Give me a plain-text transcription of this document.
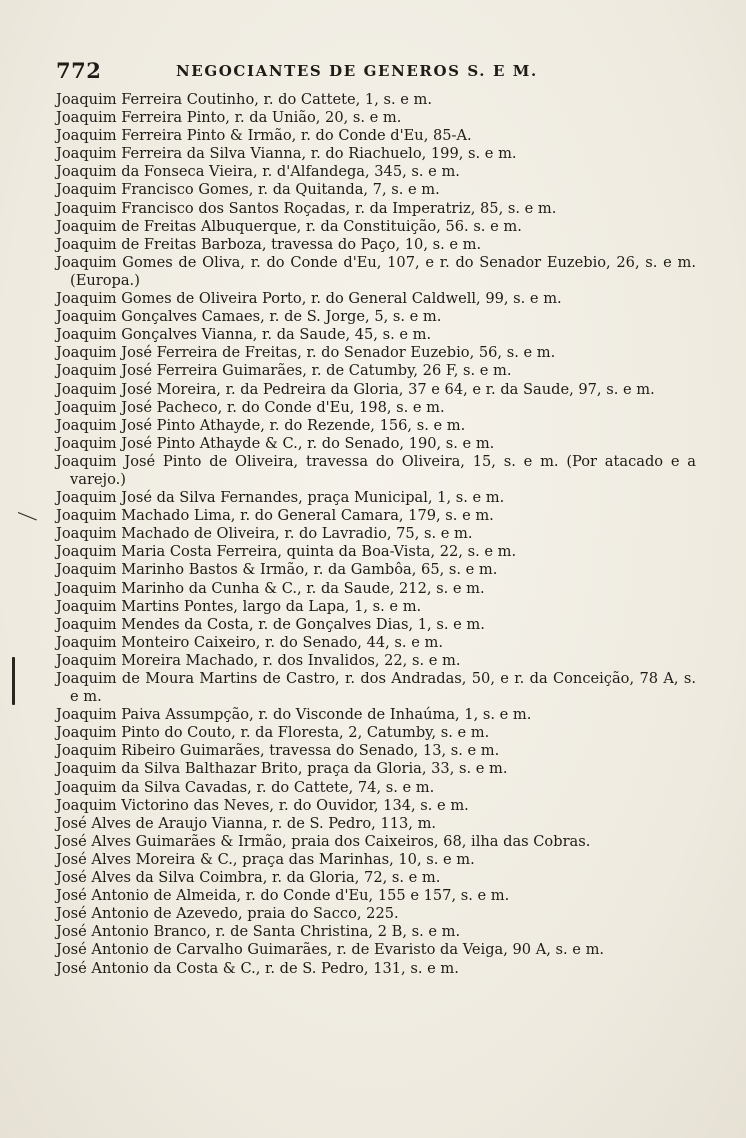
772	NEGOCIANTES DE GENEROS S. E M.
Joaquim Ferreira Coutinho, r. do Cattete, 1, s. e m.
Joaquim Ferreira Pinto, r. da União, 20, s. e m.
Joaquim Ferreira Pinto & Irmão, r. do Conde d'Eu, 85-A.
Joaquim Ferreira da Silva Vianna, r. do Riachuelo, 199, s. e m.
Joaquim da Fonseca Vieira, r. d'Alfandega, 345, s. e m.
Joaquim Francisco Gomes, r. da Quitanda, 7, s. e m.
Joaquim Francisco dos Santos Roçadas, r. da Imperatriz, 85, s. e m.
Joaquim de Freitas Albuquerque, r. da Constituição, 56. s. e m.
Joaquim de Freitas Barboza, travessa do Paço, 10, s. e m.
Joaquim Gomes de Oliva, r. do Conde d'Eu, 107, e r. do Senador Euzebio, 26, s. e m. (Europa.)
Joaquim Gomes de Oliveira Porto, r. do General Caldwell, 99, s. e m.
Joaquim Gonçalves Camaes, r. de S. Jorge, 5, s. e m.
Joaquim Gonçalves Vianna, r. da Saude, 45, s. e m.
Joaquim José Ferreira de Freitas, r. do Senador Euzebio, 56, s. e m.
Joaquim José Ferreira Guimarães, r. de Catumby, 26 F, s. e m.
Joaquim José Moreira, r. da Pedreira da Gloria, 37 e 64, e r. da Saude, 97, s. e m.
Joaquim José Pacheco, r. do Conde d'Eu, 198, s. e m.
Joaquim José Pinto Athayde, r. do Rezende, 156, s. e m.
Joaquim José Pinto Athayde & C., r. do Senado, 190, s. e m.
Joaquim José Pinto de Oliveira, travessa do Oliveira, 15, s. e m. (Por atacado e a varejo.)
Joaquim José da Silva Fernandes, praça Municipal, 1, s. e m.
Joaquim Machado Lima, r. do General Camara, 179, s. e m.
Joaquim Machado de Oliveira, r. do Lavradio, 75, s. e m.
Joaquim Maria Costa Ferreira, quinta da Boa-Vista, 22, s. e m.
Joaquim Marinho Bastos & Irmão, r. da Gambôa, 65, s. e m.
Joaquim Marinho da Cunha & C., r. da Saude, 212, s. e m.
Joaquim Martins Pontes, largo da Lapa, 1, s. e m.
Joaquim Mendes da Costa, r. de Gonçalves Dias, 1, s. e m.
Joaquim Monteiro Caixeiro, r. do Senado, 44, s. e m.
Joaquim Moreira Machado, r. dos Invalidos, 22, s. e m.
Joaquim de Moura Martins de Castro, r. dos Andradas, 50, e r. da Conceição, 78 A, s. e m.
Joaquim Paiva Assumpção, r. do Visconde de Inhaúma, 1, s. e m.
Joaquim Pinto do Couto, r. da Floresta, 2, Catumby, s. e m.
Joaquim Ribeiro Guimarães, travessa do Senado, 13, s. e m.
Joaquim da Silva Balthazar Brito, praça da Gloria, 33, s. e m.
Joaquim da Silva Cavadas, r. do Cattete, 74, s. e m.
Joaquim Victorino das Neves, r. do Ouvidor, 134, s. e m.
José Alves de Araujo Vianna, r. de S. Pedro, 113, m.
José Alves Guimarães & Irmão, praia dos Caixeiros, 68, ilha das Cobras.
José Alves Moreira & C., praça das Marinhas, 10, s. e m.
José Alves da Silva Coimbra, r. da Gloria, 72, s. e m.
José Antonio de Almeida, r. do Conde d'Eu, 155 e 157, s. e m.
José Antonio de Azevedo, praia do Sacco, 225.
José Antonio Branco, r. de Santa Christina, 2 B, s. e m.
José Antonio de Carvalho Guimarães, r. de Evaristo da Veiga, 90 A, s. e m.
José Antonio da Costa & C., r. de S. Pedro, 131, s. e m.
